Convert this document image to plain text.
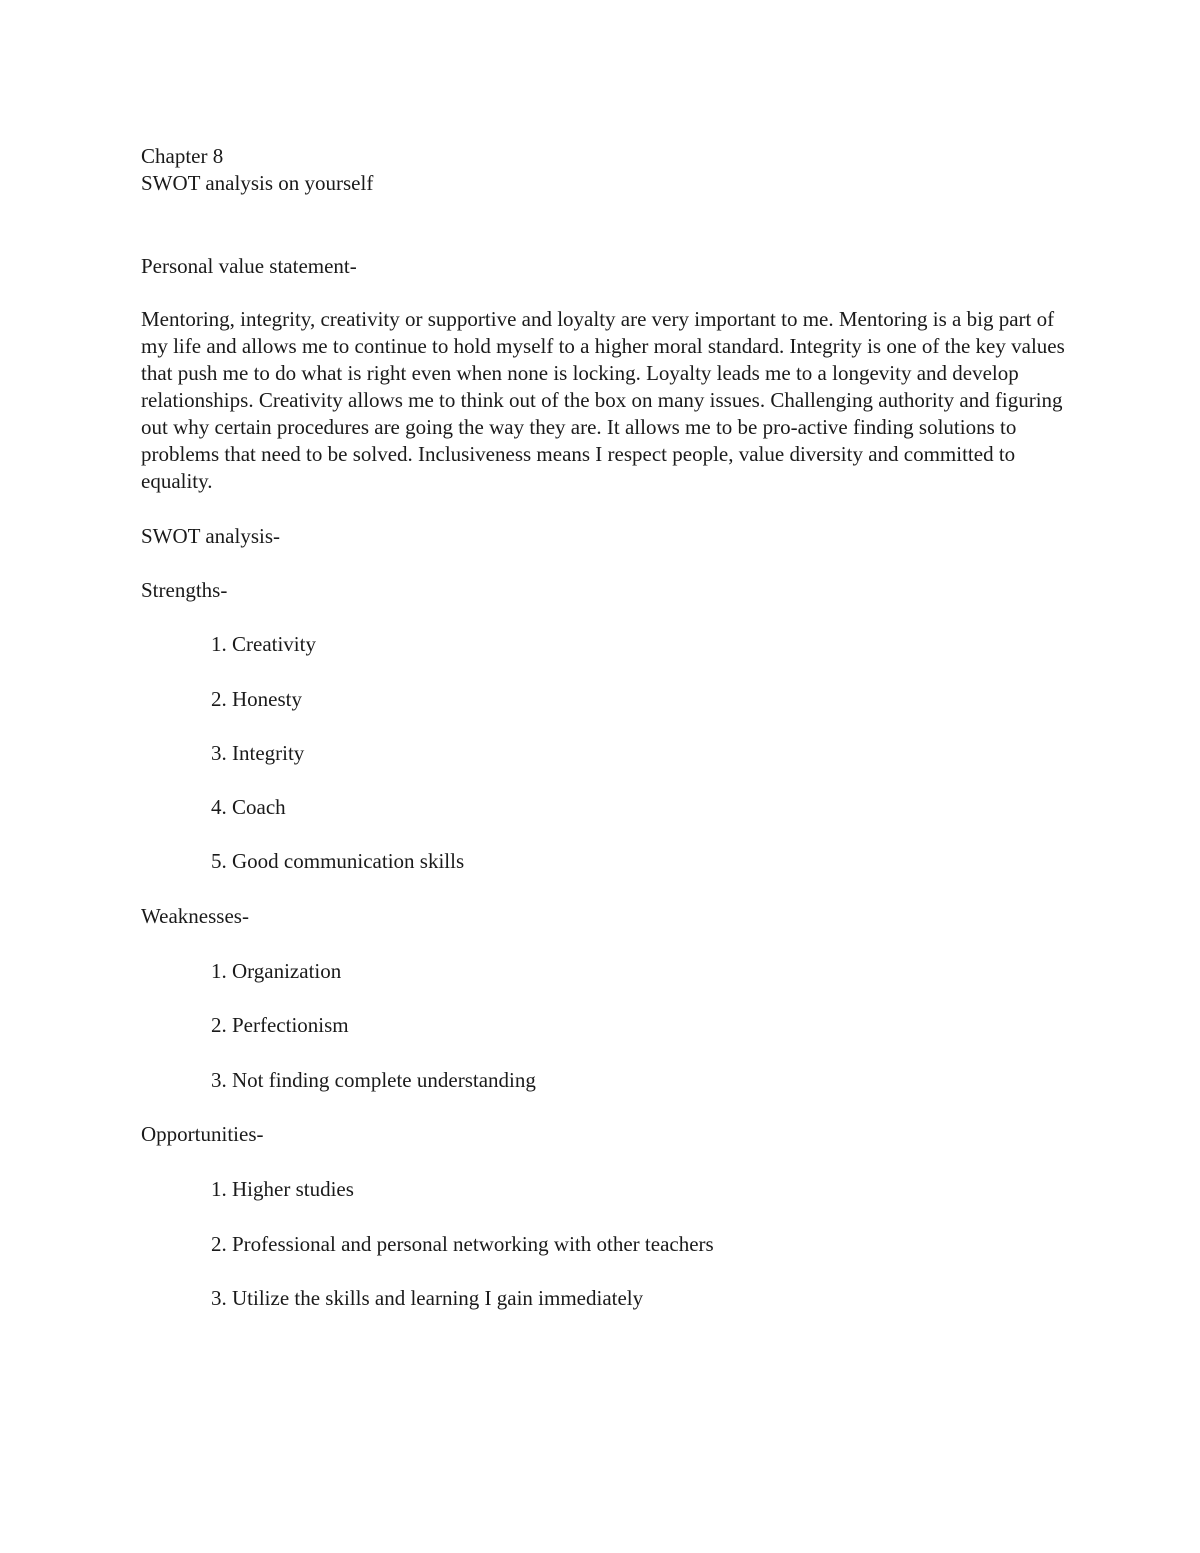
Chapter 8
SWOT analysis on yourself
Personal value statement-
Mentoring, integrity, creativity or supportive and loyalty are very important to me. Mentoring is a big part of my life and allows me to continue to hold myself to a higher moral standard. Integrity is one of the key values that push me to do what is right even when none is locking. Loyalty leads me to a longevity and develop relationships. Creativity allows me to think out of the box on many issues. Challenging authority and figuring out why certain procedures are going the way they are. It allows me to be pro-active finding solutions to problems that need to be solved. Inclusiveness means I respect people, value diversity and committed to equality.
SWOT analysis-
Strengths-
1. Creativity
2. Honesty
3. Integrity
4. Coach
5. Good communication skills
Weaknesses-
1. Organization
2. Perfectionism
3. Not finding complete understanding
Opportunities-
1. Higher studies
2. Professional and personal networking with other teachers
3. Utilize the skills and learning I gain immediately
